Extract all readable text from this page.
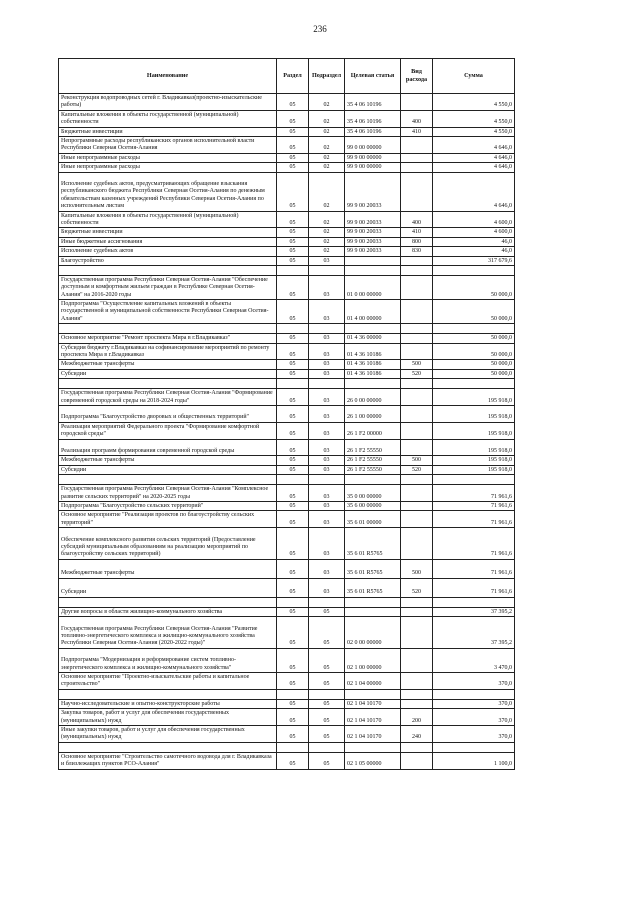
236
Наименование	Раздел	Подраздел	Целевая статья	Вид расхода	Сумма
Реконструкция водопроводных сетей г. Владикавказ(проектно-изыскательские работы)	05	02	35 4 06 10196		4 550,0
Капитальные вложения в объекты государственной (муниципальной) собственности	05	02	35 4 06 10196	400	4 550,0
Бюджетные инвестиции	05	02	35 4 06 10196	410	4 550,0
Непрограммные расходы республиканских органов исполнительной власти Республики Северная Осетия-Алания	05	02	99 0 00 00000		4 646,0
Иные непрограммные расходы	05	02	99 9 00 00000		4 646,0
Иные непрограммные расходы	05	02	99 9 00 00000		4 646,0
Исполнение судебных актов, предусматривающих обращение взыскания республиканского бюджета Республики Северная Осетия-Алания по денежным обязательствам казенных учреждений Республики Северная Осетия-Алания по исполнительным листам	05	02	99 9 00 20033		4 646,0
Капитальные вложения в объекты государственной (муниципальной) собственности	05	02	99 9 00 20033	400	4 600,0
Бюджетные инвестиции	05	02	99 9 00 20033	410	4 600,0
Иные бюджетные ассигнования	05	02	99 9 00 20033	800	46,0
Исполнение судебных актов	05	02	99 9 00 20033	830	46,0
Благоустройство	05	03			317 679,6

Государственная программа Республики Северная Осетия-Алания "Обеспечение доступным и комфортным жильем граждан в Республике Северная Осетия-Алания" на 2016-2020 годы	05	03	01 0 00 00000		50 000,0
Подпрограмма "Осуществление капитальных вложений в объекты государственной и муниципальной собственности Республики Северная Осетия-Алания"	05	03	01 4 00 00000		50 000,0

Основное мероприятие "Ремонт проспекта Мира в г.Владикавказ"	05	03	01 4 36 00000		50 000,0
Субсидия бюджету г.Владикавказ на софинансирование мероприятий по ремонту проспекта Мира в г.Владикавказ	05	03	01 4 36 10186		50 000,0
Межбюджетные трансферты	05	03	01 4 36 10186	500	50 000,0
Субсидии	05	03	01 4 36 10186	520	50 000,0

Государственная программа Республики Северная Осетия-Алания "Формирование современной городской среды на 2018-2024 годы"	05	03	26 0 00 00000		195 918,0
Подпрограмма "Благоустройство дворовых и общественных территорий"	05	03	26 1 00 00000		195 918,0
Реализация мероприятий Федерального проекта "Формирование комфортной городской среды"	05	03	26 1 F2 00000		195 918,0
Реализация программ формирования современной городской среды	05	03	26 1 F2 55550		195 918,0
Межбюджетные трансферты	05	03	26 1 F2 55550	500	195 918,0
Субсидии	05	03	26 1 F2 55550	520	195 918,0

Государственная программа Республики Северная Осетия-Алания "Комплексное развитие сельских территорий" на 2020-2025 годы	05	03	35 0 00 00000		71 961,6
Подпрограмма "Благоустройство сельских территорий"	05	03	35 6 00 00000		71 961,6
Основное мероприятие "Реализация проектов по благоустройству сельских территорий"	05	03	35 6 01 00000		71 961,6
Обеспечение комплексного развития сельских территорий (Предоставление субсидий муниципальным образованиям на реализацию мероприятий по благоустройству сельских территорий)	05	03	35 6 01 R5765		71 961,6
Межбюджетные трансферты	05	03	35 6 01 R5765	500	71 961,6
Субсидии	05	03	35 6 01 R5765	520	71 961,6

Другие вопросы в области жилищно-коммунального хозяйства	05	05			37 395,2
Государственная программа Республики Северная Осетия-Алания "Развитие топливно-энергетического комплекса и жилищно-коммунального хозяйства Республики Северная Осетия-Алания (2020-2022 годы)"	05	05	02 0 00 00000		37 395,2
Подпрограмма "Модернизация и реформирование систем топливно-энергетического комплекса и жилищно-коммунального хозяйства"	05	05	02 1 00 00000		3 470,0
Основное мероприятие "Проектно-изыскательские работы и капитальное строительство"	05	05	02 1 04 00000		370,0

Научно-исследовательские и опытно-конструкторские работы	05	05	02 1 04 10170		370,0
Закупка товаров, работ и услуг для обеспечения государственных (муниципальных) нужд	05	05	02 1 04 10170	200	370,0
Иные закупки товаров, работ и услуг для обеспечения государственных (муниципальных) нужд	05	05	02 1 04 10170	240	370,0

Основное мероприятие "Строительство самотечного водовода для г. Владикавказа и близлежащих пунктов РСО-Алания"	05	05	02 1 05 00000		1 100,0
